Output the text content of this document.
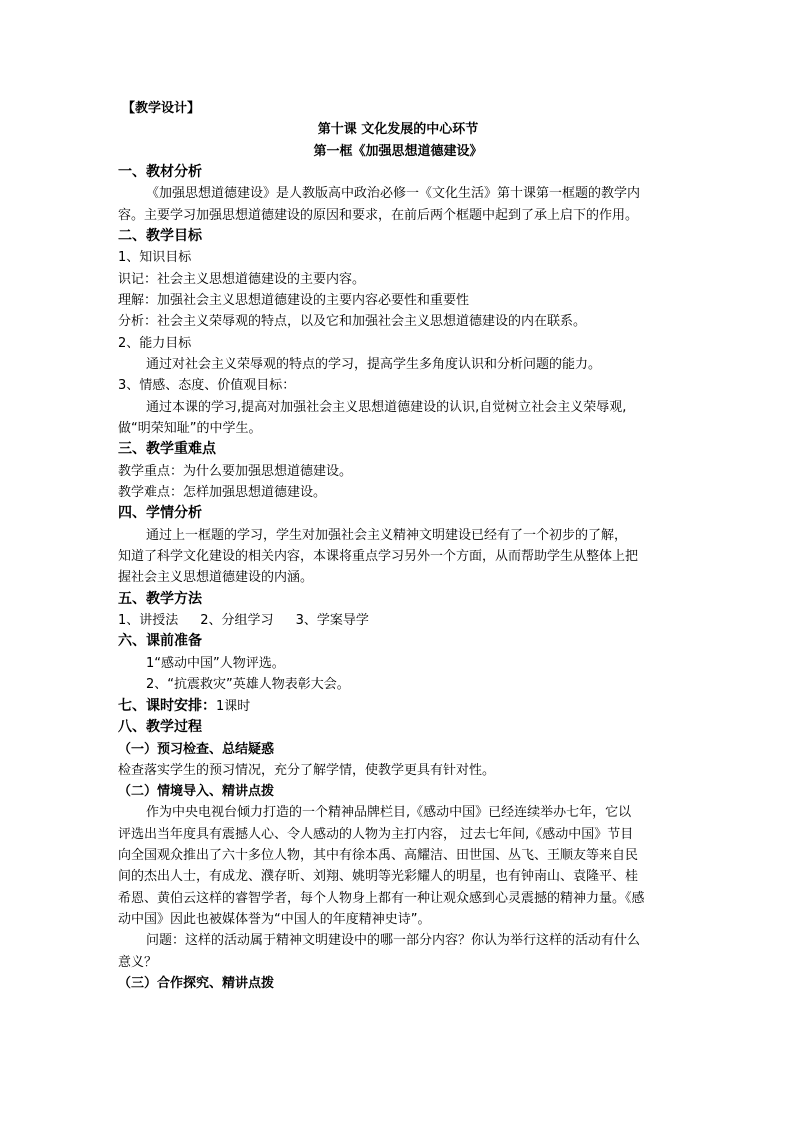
【教学设计】
第十课 文化发展的中心环节
第一框《加强思想道德建设》
一、教材分析
《加强思想道德建设》是人教版高中政治必修一《文化生活》第十课第一框题的教学内
容。主要学习加强思想道德建设的原因和要求，在前后两个框题中起到了承上启下的作用。
二、教学目标
1、知识目标
识记：社会主义思想道德建设的主要内容。
理解：加强社会主义思想道德建设的主要内容必要性和重要性
分析：社会主义荣辱观的特点，以及它和加强社会主义思想道德建设的内在联系。
2、能力目标
通过对社会主义荣辱观的特点的学习，提高学生多角度认识和分析问题的能力。
3、情感、态度、价值观目标：
通过本课的学习,提高对加强社会主义思想道德建设的认识,自觉树立社会主义荣辱观,
做“明荣知耻”的中学生。
三、教学重难点
教学重点：为什么要加强思想道德建设。
教学难点：怎样加强思想道德建设。
四、学情分析
通过上一框题的学习，学生对加强社会主义精神文明建设已经有了一个初步的了解，
知道了科学文化建设的相关内容，本课将重点学习另外一个方面，从而帮助学生从整体上把
握社会主义思想道德建设的内涵。
五、教学方法
1、讲授法 2、分组学习 3、学案导学
六、课前准备
1“感动中国”人物评选。
2、“抗震救灾”英雄人物表彰大会。
七、课时安排：1课时
八、教学过程
（一）预习检查、总结疑惑
检查落实学生的预习情况，充分了解学情，使教学更具有针对性。
（二）情境导入、精讲点拨
作为中央电视台倾力打造的一个精神品牌栏目,《感动中国》已经连续举办七年，它以
评选出当年度具有震撼人心、令人感动的人物为主打内容， 过去七年间,《感动中国》节目
向全国观众推出了六十多位人物，其中有徐本禹、高耀洁、田世国、丛飞、王顺友等来自民
间的杰出人士，有成龙、濮存昕、刘翔、姚明等光彩耀人的明星，也有钟南山、袁隆平、桂
希恩、黄伯云这样的睿智学者，每个人物身上都有一种让观众感到心灵震撼的精神力量。《感
动中国》因此也被媒体誉为“中国人的年度精神史诗”。
问题：这样的活动属于精神文明建设中的哪一部分内容？你认为举行这样的活动有什么
意义？
（三）合作探究、精讲点拨
